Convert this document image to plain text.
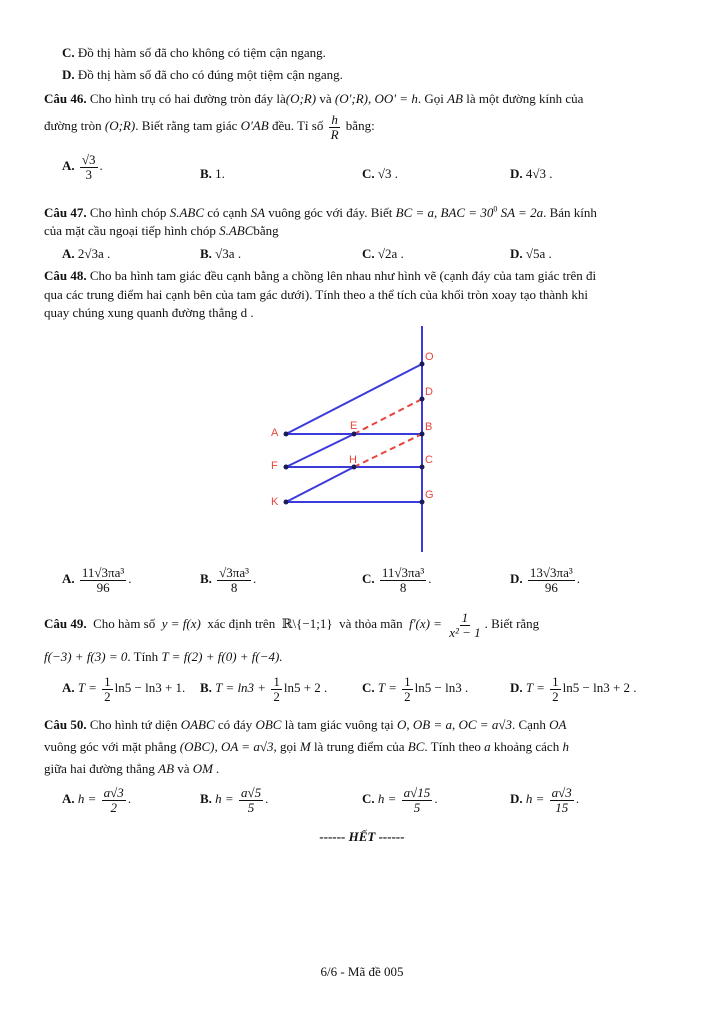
C. Đồ thị hàm số đã cho không có tiệm cận ngang.
D. Đồ thị hàm số đã cho có đúng một tiệm cận ngang.
Câu 46. Cho hình trụ có hai đường tròn đáy là(O;R) và (O';R), OO' = h. Gọi AB là một đường kính của
đường tròn (O;R). Biết rằng tam giác O'AB đều. Tỉ số $\frac{h}{R}$ bằng:
A. $\frac{√3}{3}$ .
B. 1.	C. √3 .	D. 4√3 .
Câu 47. Cho hình chóp S.ABC có cạnh SA vuông góc với đáy. Biết BC = a, BAC = $30^0$ SA = 2a. Bán kính
của mặt cầu ngoại tiếp hình chóp S.ABCbằng
A. 2√3a .	B. √3a .	C. √2a .	D. √5a .
Câu 48. Cho ba hình tam giác đều cạnh bằng a chồng lên nhau như hình vẽ (cạnh đáy của tam giác trên đi
qua các trung điểm hai cạnh bên của tam gác dưới). Tính theo a thể tích của khối tròn xoay tạo thành khi
quay chúng xung quanh đường thẳng d .
O
D
A
E	B
F	H	C
K
G
A. $\frac{\text{11√3πa³}}{96}$ .	B. $\frac{\text{√3πa³}}{8}$ .	C. $\frac{\text{11√3πa³}}{8}$ .	D. $\frac{\text{13√3πa³}}{96}$ .
Câu 49. Cho hàm số y = f(x) xác định trên ℝ\{−1;1} và thỏa mãn $f'(x) = \frac{1}{\text{x² − 1}}$ . Biết rằng
f(−3) + f(3) = 0. Tính T = f(2) + f(0) + f(−4).
A. $T = \frac{1}{2} \ln 5 - \ln 3 + 1$. B. $T = \ln 3 + \frac{1}{2} \ln 5 + 2$ .	C. $T = \frac{1}{2} \ln 5 - \ln 3$ .	D. $T = \frac{1}{2} \ln 5 - \ln 3 + 2$ .
Câu 50. Cho hình tứ diện OABC có đáy OBC là tam giác vuông tại O, OB = a, OC = a√3. Cạnh OA
vuông góc với mặt phẳng (OBC), OA = a√3, gọi M là trung điểm của BC. Tính theo a khoảng cách h
giữa hai đường thẳng AB và OM .
A. $h = \frac{a√3}{2}$ .	B. $h = \frac{a√5}{5}$ .	C. $h = \frac{a√15}{5}$ .	D. $h = \frac{a√3}{15}$ .
------ HẾT ------
6/6 - Mã đề 005
